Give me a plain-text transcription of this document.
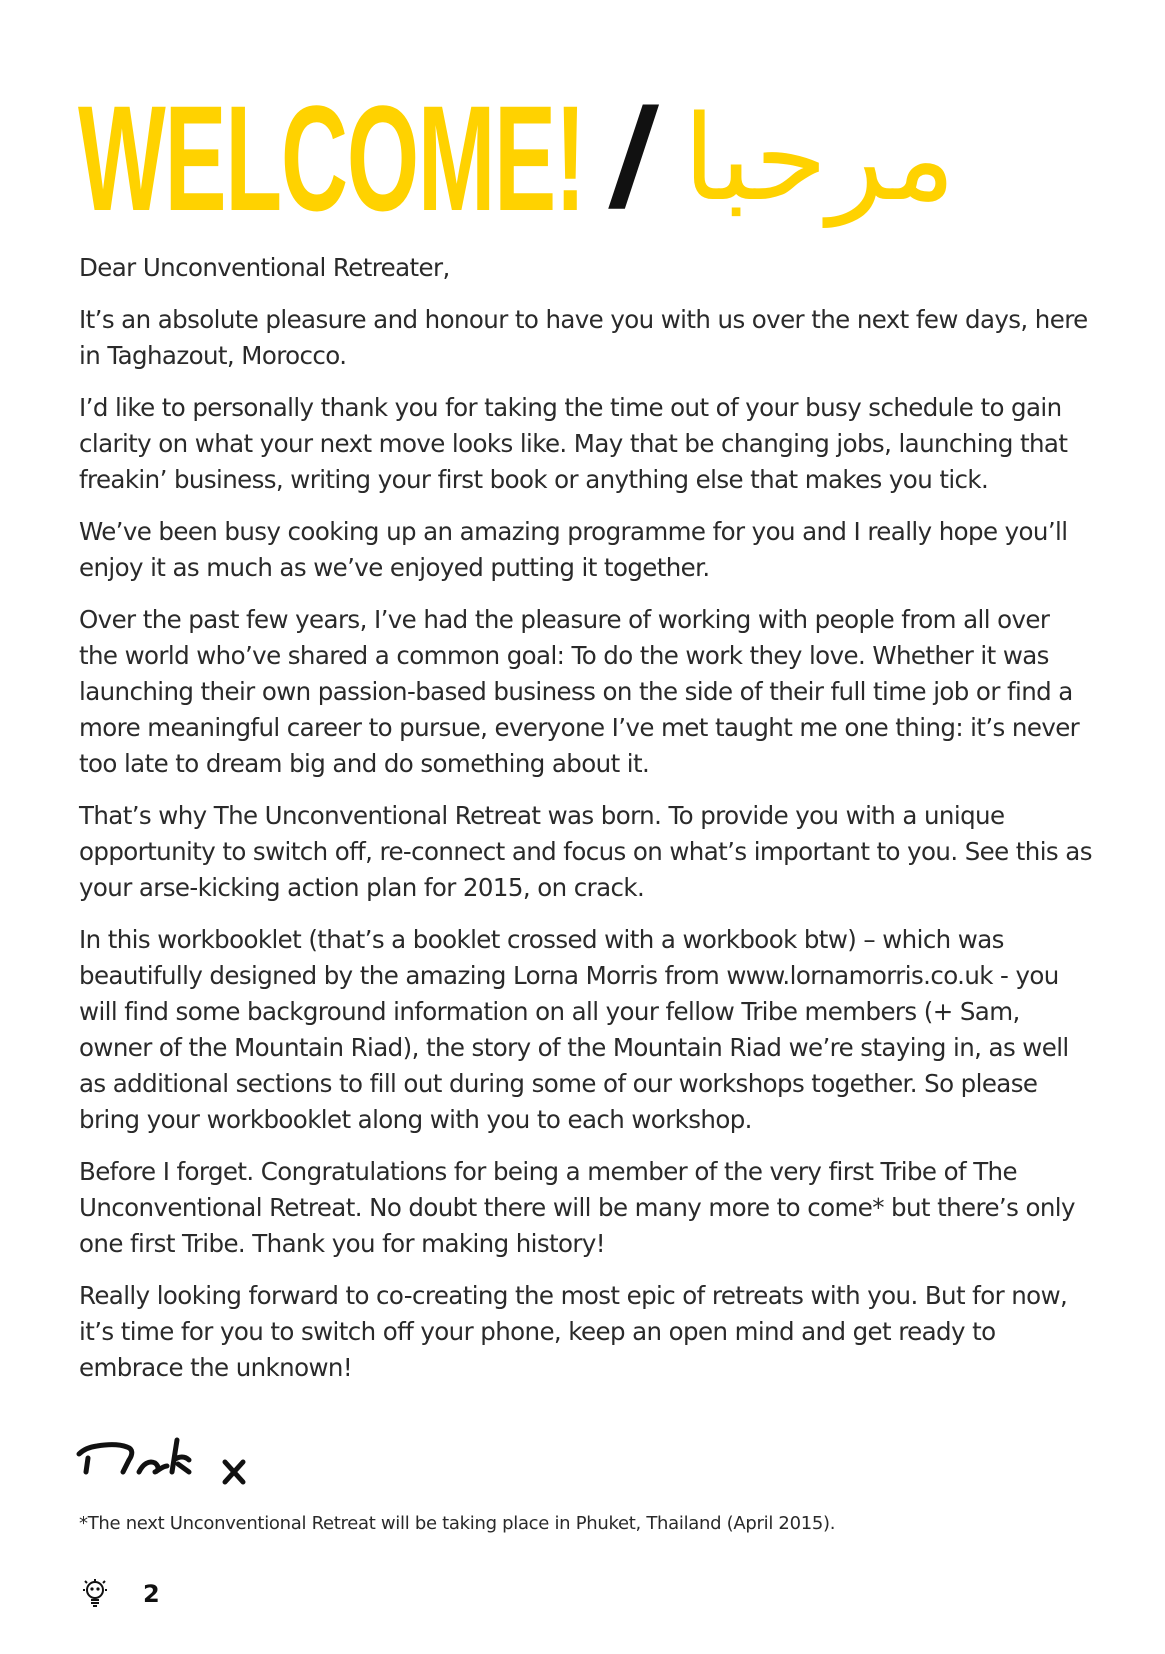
WELCOME! / مرحبا

Dear Unconventional Retreater,

It’s an absolute pleasure and honour to have you with us over the next few days, here in Taghazout, Morocco.

I’d like to personally thank you for taking the time out of your busy schedule to gain clarity on what your next move looks like. May that be changing jobs, launching that freakin’ business, writing your first book or anything else that makes you tick.

We’ve been busy cooking up an amazing programme for you and I really hope you’ll enjoy it as much as we’ve enjoyed putting it together.

Over the past few years, I’ve had the pleasure of working with people from all over the world who’ve shared a common goal: To do the work they love. Whether it was launching their own passion-based business on the side of their full time job or find a more meaningful career to pursue, everyone I’ve met taught me one thing: it’s never too late to dream big and do something about it.

That’s why The Unconventional Retreat was born. To provide you with a unique opportunity to switch off, re-connect and focus on what’s important to you. See this as your arse-kicking action plan for 2015, on crack.

In this workbooklet (that’s a booklet crossed with a workbook btw) – which was beautifully designed by the amazing Lorna Morris from www.lornamorris.co.uk - you will find some background information on all your fellow Tribe members (+ Sam, owner of the Mountain Riad), the story of the Mountain Riad we’re staying in, as well as additional sections to fill out during some of our workshops together. So please bring your workbooklet along with you to each workshop.

Before I forget. Congratulations for being a member of the very first Tribe of The Unconventional Retreat. No doubt there will be many more to come* but there’s only one first Tribe. Thank you for making history!

Really looking forward to co-creating the most epic of retreats with you. But for now, it’s time for you to switch off your phone, keep an open mind and get ready to embrace the unknown!

*The next Unconventional Retreat will be taking place in Phuket, Thailand (April 2015).
2
